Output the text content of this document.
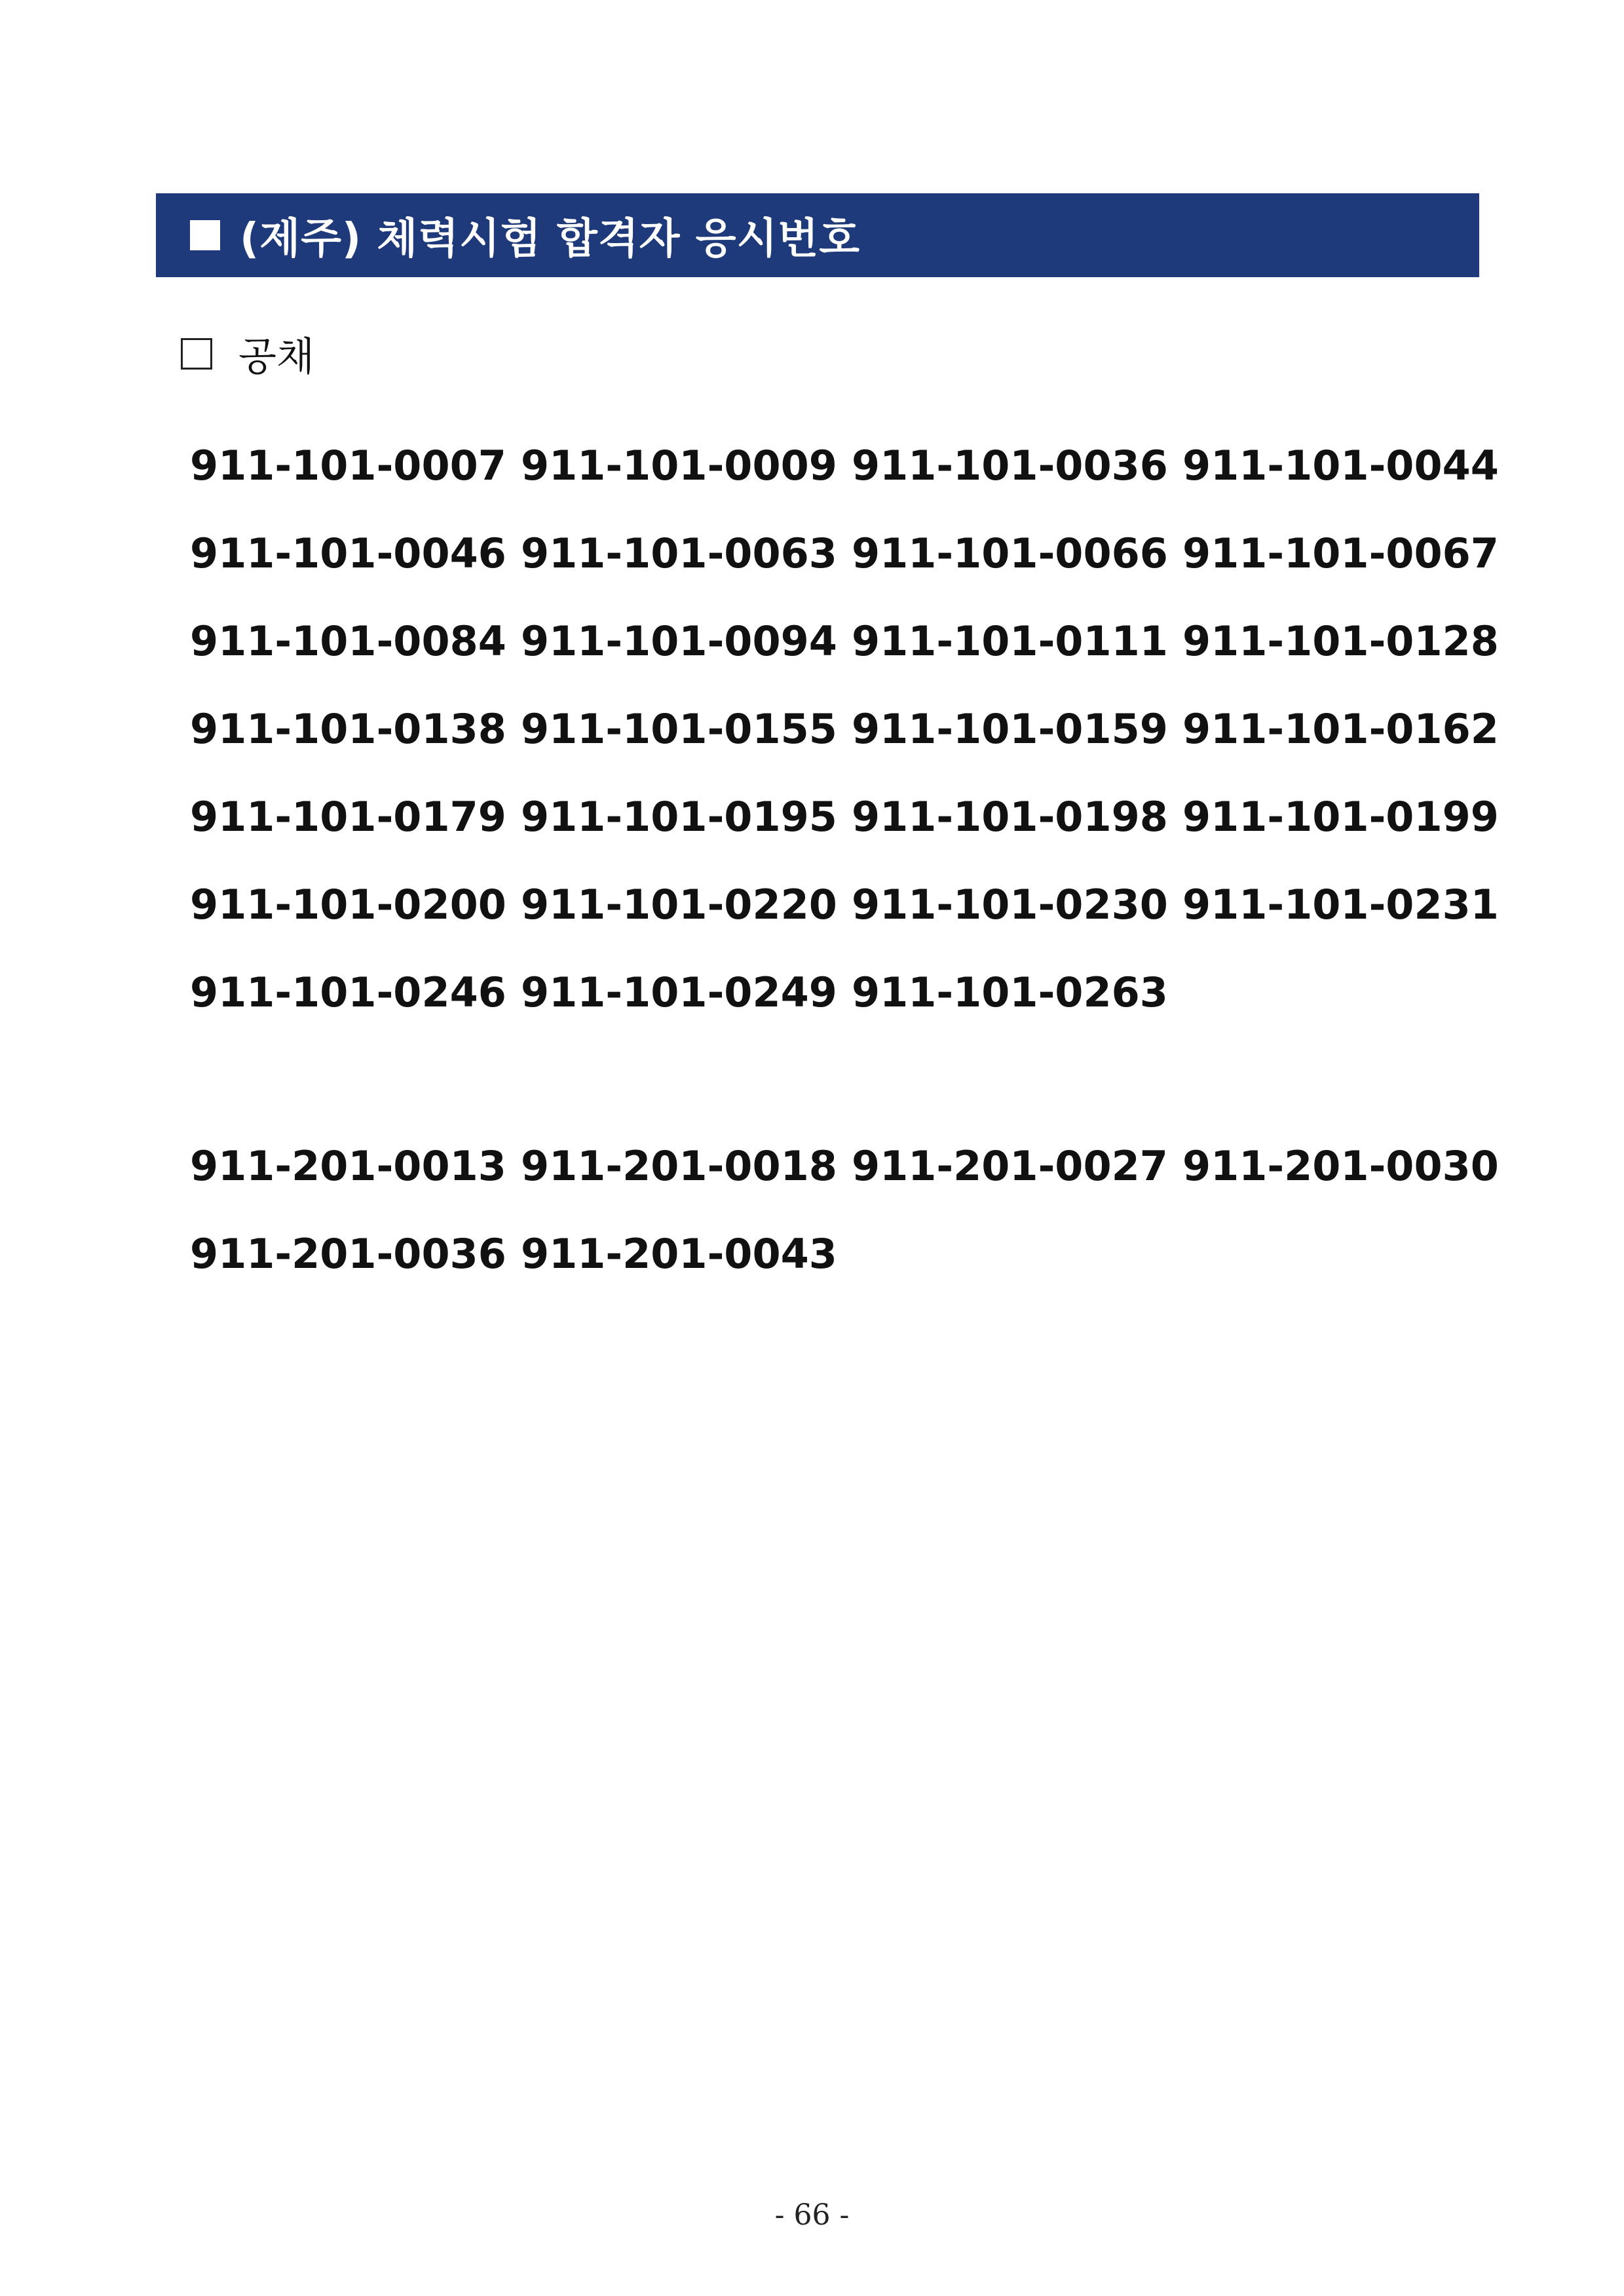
(제주) 체력시험 합격자 응시번호
공채
911-101-0007 911-101-0009 911-101-0036 911-101-0044
911-101-0046 911-101-0063 911-101-0066 911-101-0067
911-101-0084 911-101-0094 911-101-0111 911-101-0128
911-101-0138 911-101-0155 911-101-0159 911-101-0162
911-101-0179 911-101-0195 911-101-0198 911-101-0199
911-101-0200 911-101-0220 911-101-0230 911-101-0231
911-101-0246 911-101-0249 911-101-0263
911-201-0013 911-201-0018 911-201-0027 911-201-0030
911-201-0036 911-201-0043
- 66 -
